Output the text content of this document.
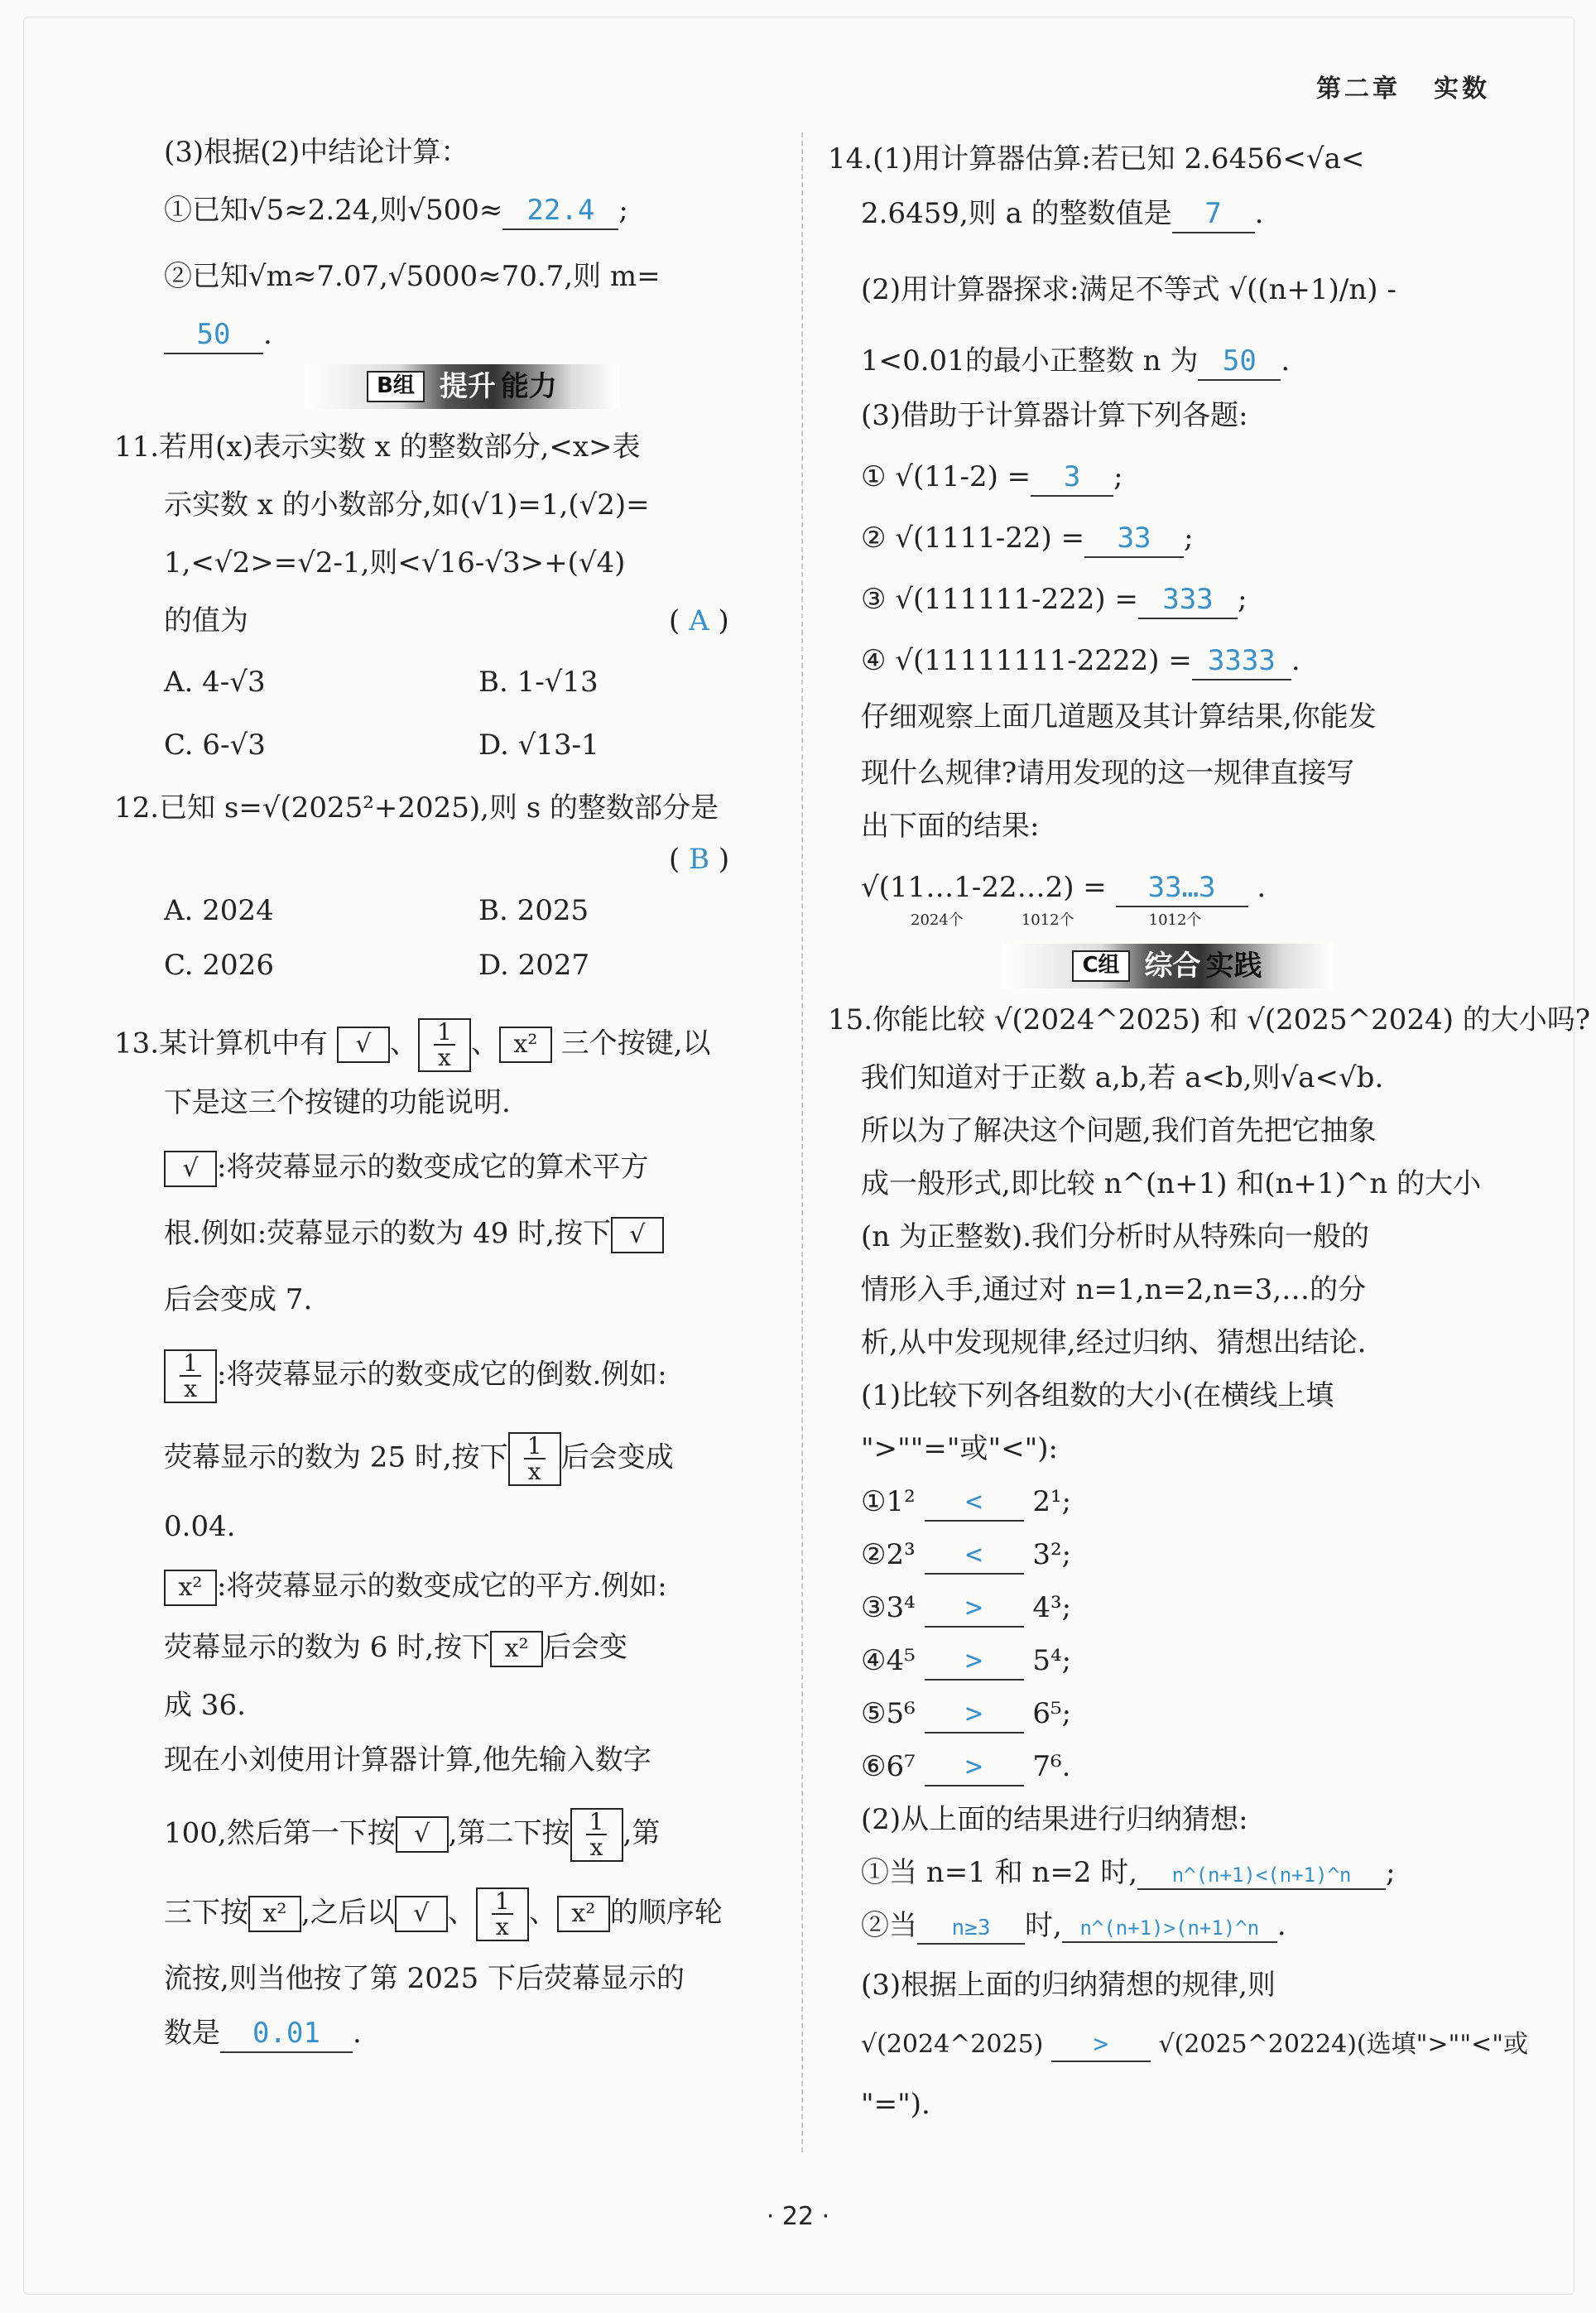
第二章 实数
(3)根据(2)中结论计算：
①已知√5≈2.24,则√500≈ 22.4 ;
②已知√m≈7.07,√5000≈70.7,则 m=
50 .
B组 提升 能力
11.若用(x)表示实数 x 的整数部分,<x>表
示实数 x 的小数部分,如(√1)=1,(√2)=
1,<√2>=√2-1,则<√16-√3>+(√4)
的值为	( A )
A. 4-√3	B. 1-√13
C. 6-√3	D. √13-1
12.已知 s=√(2025²+2025),则 s 的整数部分是
( B )
A. 2024	B. 2025
C. 2026	D. 2027
13.某计算机中有 √ 、 $\frac{1}{x}$ 、 x² 三个按键,以
下是这三个按键的功能说明.
√ :将荧幕显示的数变成它的算术平方
根.例如:荧幕显示的数为 49 时,按下 √
后会变成 7.
$\frac{1}{x}$ :将荧幕显示的数变成它的倒数.例如:
荧幕显示的数为 25 时,按下 $\frac{1}{x}$ 后会变成
0.04.
x² :将荧幕显示的数变成它的平方.例如:
荧幕显示的数为 6 时,按下 x² 后会变
成 36.
现在小刘使用计算器计算,他先输入数字
100,然后第一下按 √ ,第二下按 $\frac{1}{x}$ ,第
三下按 x² ,之后以 √ 、 $\frac{1}{x}$ 、 x² 的顺序轮
流按,则当他按了第 2025 下后荧幕显示的
数是 0.01 .
14.(1)用计算器估算:若已知 2.6456<√a<
2.6459,则 a 的整数值是 7 .
(2)用计算器探求:满足不等式 √((n+1)/n) -
1<0.01的最小正整数 n 为 50 .
(3)借助于计算器计算下列各题:
① √(11-2) = 3 ;
② √(1111-22) = 33 ;
③ √(111111-222) = 333 ;
④ √(11111111-2222) = 3333 .
仔细观察上面几道题及其计算结果,你能发
现什么规律?请用发现的这一规律直接写
出下面的结果:
√(11…1-22…2) = 33…3 .
2024个	1012个	1012个
C组 综合 实践
15.你能比较 √(2024^2025) 和 √(2025^2024) 的大小吗?
我们知道对于正数 a,b,若 a<b,则√a<√b.
所以为了解决这个问题,我们首先把它抽象
成一般形式,即比较 n^(n+1) 和(n+1)^n 的大小
(n 为正整数).我们分析时从特殊向一般的
情形入手,通过对 n=1,n=2,n=3,…的分
析,从中发现规律,经过归纳、猜想出结论.
(1)比较下列各组数的大小(在横线上填
">""="或"<"):
①1² < 2¹;
②2³ < 3²;
③3⁴ > 4³;
④4⁵ > 5⁴;
⑤5⁶ > 6⁵;
⑥6⁷ > 7⁶.
(2)从上面的结果进行归纳猜想:
①当 n=1 和 n=2 时, n^(n+1)<(n+1)^n ;
②当 n≥3 时, n^(n+1)>(n+1)^n .
(3)根据上面的归纳猜想的规律,则
√(2024^2025) > √(2025^20224)(选填">""<"或
"=").
· 22 ·
